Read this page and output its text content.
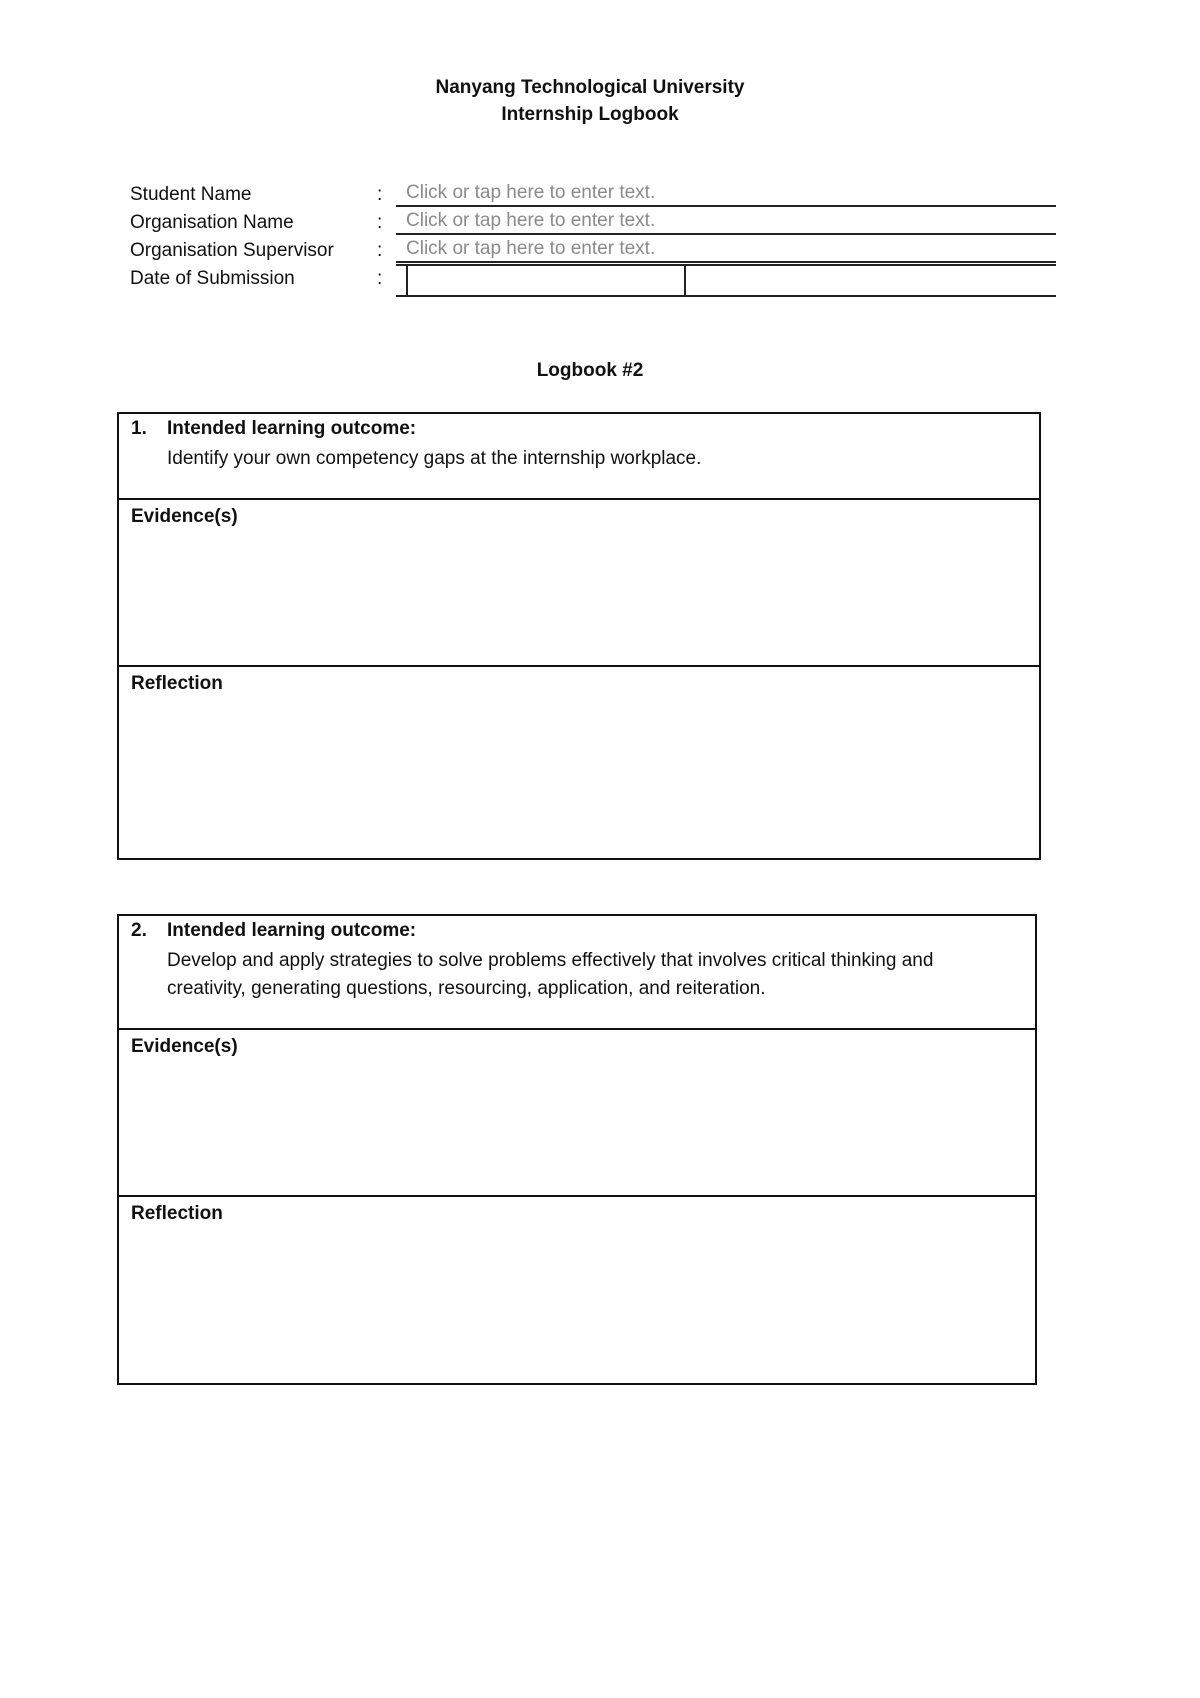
Nanyang Technological University
Internship Logbook
Student Name	:
Click or tap here to enter text.
Organisation Name	:
Click or tap here to enter text.
Organisation Supervisor :
Click or tap here to enter text.
Date of Submission	:
Logbook #2
1. Intended learning outcome:
Identify your own competency gaps at the internship workplace.
Evidence(s)
Reflection
2. Intended learning outcome:
Develop and apply strategies to solve problems effectively that involves critical thinking and creativity, generating questions, resourcing, application, and reiteration.
Evidence(s)
Reflection
